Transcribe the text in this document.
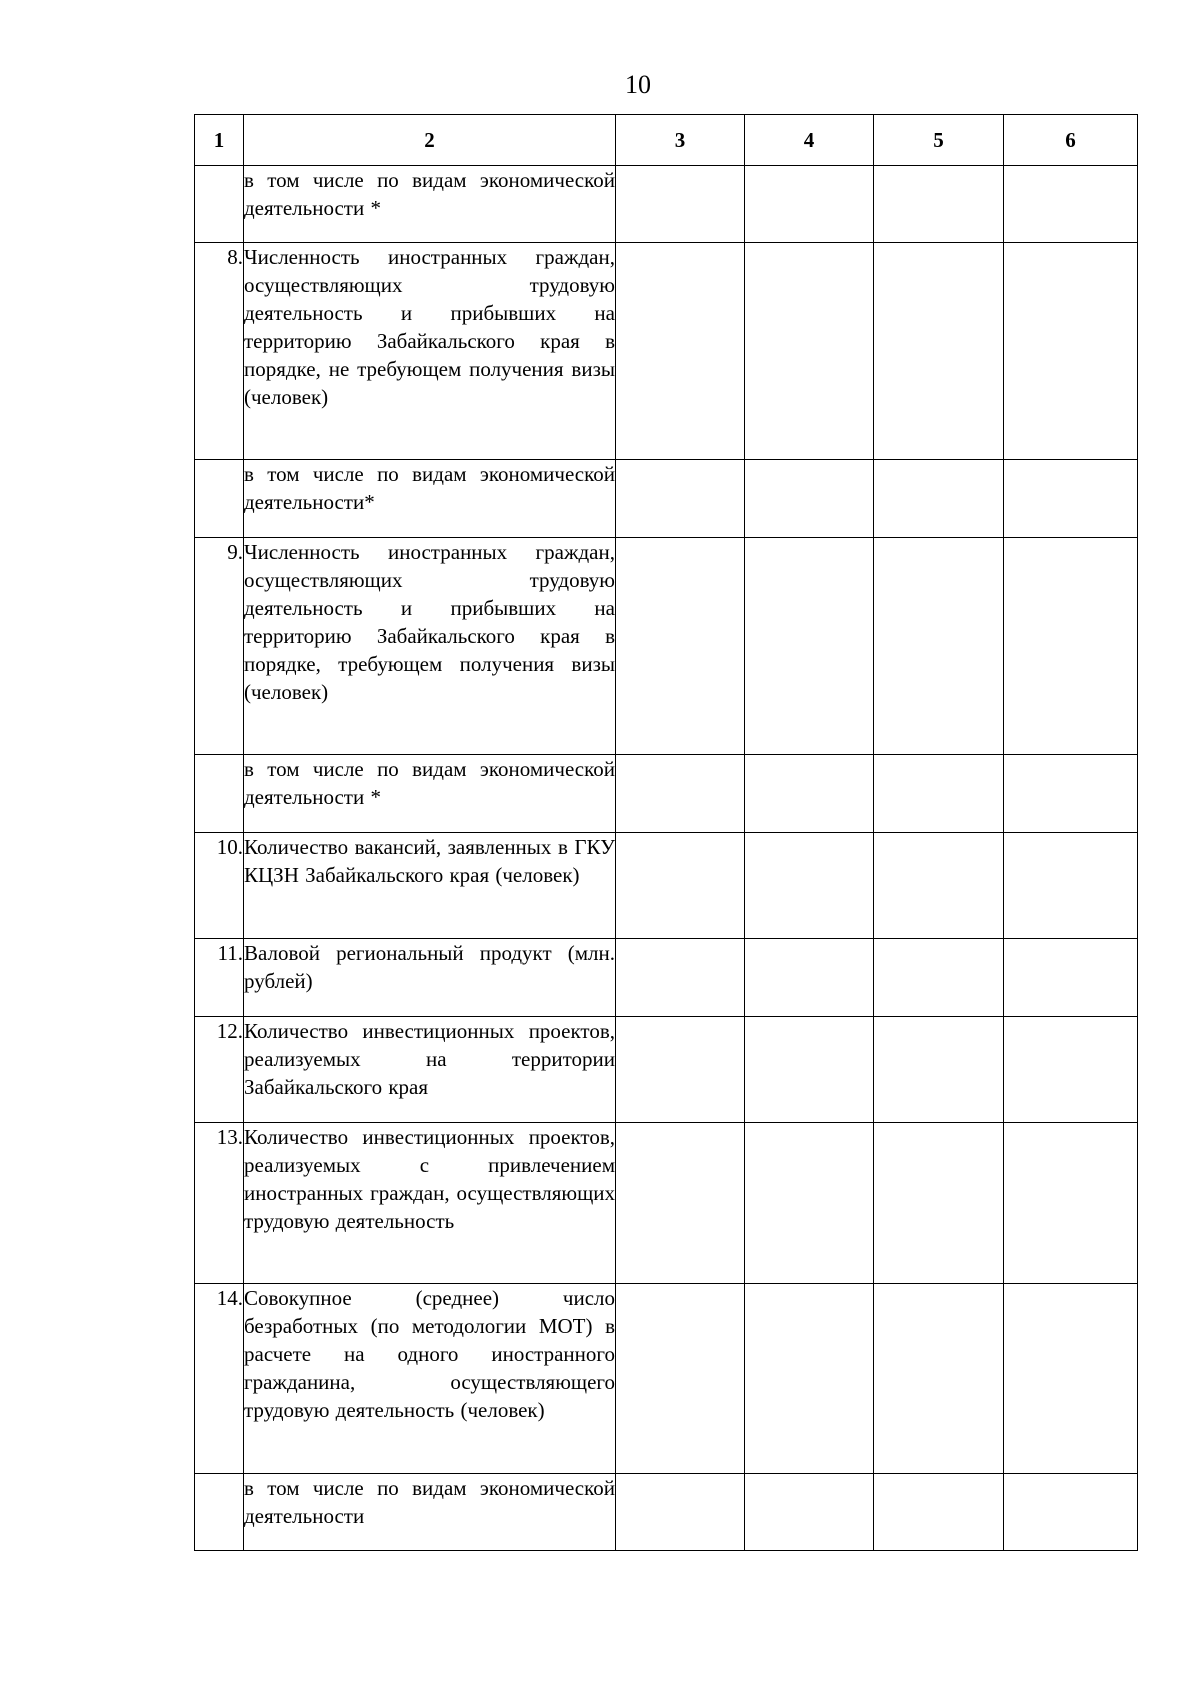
10
1	2	3	4	5	6
	в том числе по видам экономической деятельности *				
8.	Численность иностранных граждан, осуществляющих трудовую деятельность и прибывших на территорию Забайкальского края в порядке, не требующем получения визы (человек)				
	в том числе по видам экономической деятельности*				
9.	Численность иностранных граждан, осуществляющих трудовую деятельность и прибывших на территорию Забайкальского края в порядке, требующем получения визы (человек)				
	в том числе по видам экономической деятельности *				
10.	Количество вакансий, заявленных в ГКУ КЦЗН Забайкальского края (человек)				
11.	Валовой региональный продукт (млн. рублей)				
12.	Количество инвестиционных проектов, реализуемых на территории Забайкальского края				
13.	Количество инвестиционных проектов, реализуемых с привлечением иностранных граждан, осуществляющих трудовую деятельность				
14.	Совокупное (среднее) число безработных (по методологии МОТ) в расчете на одного иностранного гражданина, осуществляющего трудовую деятельность (человек)				
	в том числе по видам экономической деятельности				
